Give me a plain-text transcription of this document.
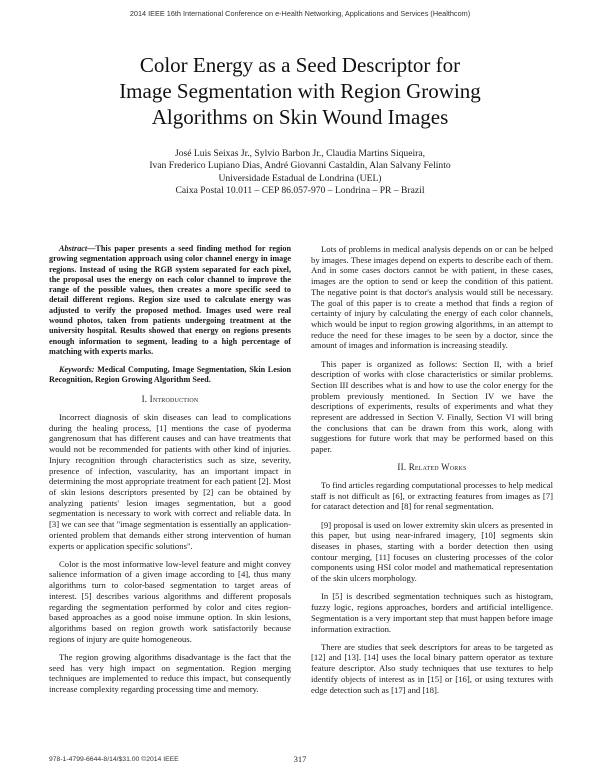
2014 IEEE 16th International Conference on e-Health Networking, Applications and Services (Healthcom)
Color Energy as a Seed Descriptor for
Image Segmentation with Region Growing
Algorithms on Skin Wound Images
José Luis Seixas Jr., Sylvio Barbon Jr., Claudia Martins Siqueira,
Ivan Frederico Lupiano Dias, André Giovanni Castaldin, Alan Salvany Felinto
Universidade Estadual de Londrina (UEL)
Caixa Postal 10.011 – CEP 86.057-970 – Londrina – PR – Brazil

Abstract—This paper presents a seed finding method for region growing segmentation approach using color channel energy in image regions. Instead of using the RGB system separated for each pixel, the proposal uses the energy on each color channel to improve the range of the possible values, then creates a more specific seed to detail different regions. Region size used to calculate energy was adjusted to verify the proposed method. Images used were real wound photos, taken from patients undergoing treatment at the university hospital. Results showed that energy on regions presents enough information to segment, leading to a high percentage of matching with experts marks.

Keywords: Medical Computing, Image Segmentation, Skin Lesion Recognition, Region Growing Algorithm Seed.

I. Introduction

Incorrect diagnosis of skin diseases can lead to complications during the healing process, [1] mentions the case of pyoderma gangrenosum that has different causes and can have treatments that would not be recommended for patients with other kind of injuries. Injury recognition through characteristics such as size, severity, presence of infection, vascularity, has an important impact in determining the most appropriate treatment for each patient [2]. Most of skin lesions descriptors presented by [2] can be obtained by analyzing patients' lesion images segmentation, but a good segmentation is necessary to work with correct and reliable data. In [3] we can see that "image segmentation is essentially an application-oriented problem that demands either strong intervention of human experts or application specific solutions".

Color is the most informative low-level feature and might convey salience information of a given image according to [4], thus many algorithms turn to color-based segmentation to target areas of interest. [5] describes various algorithms and different proposals regarding the segmentation performed by color and cites region-based approaches as a good noise immune option. In skin lesions, algorithms based on region growth work satisfactorily because regions of injury are quite homogeneous.

The region growing algorithms disadvantage is the fact that the seed has very high impact on segmentation. Region merging techniques are implemented to reduce this impact, but consequently increase complexity regarding processing time and memory.

Lots of problems in medical analysis depends on or can be helped by images. These images depend on experts to describe each of them. And in some cases doctors cannot be with patient, in these cases, images are the option to send or keep the condition of this patient. The negative point is that doctor's analysis would still be necessary. The goal of this paper is to create a method that finds a region of certainty of injury by calculating the energy of each color channels, which would be input to region growing algorithms, in an attempt to reduce the need for these images to be seen by a doctor, since the amount of images and information is increasing steadily.

This paper is organized as follows: Section II, with a brief description of works with close characteristics or similar problems. Section III describes what is and how to use the color energy for the problem previously mentioned. In Section IV we have the descriptions of experiments, results of experiments and what they represent are addressed in Section V. Finally, Section VI will bring the conclusions that can be drawn from this work, along with suggestions for future work that may be performed based on this paper.

II. Related Works

To find articles regarding computational processes to help medical staff is not difficult as [6], or extracting features from images as [7] for cataract detection and [8] for renal segmentation.

[9] proposal is used on lower extremity skin ulcers as presented in this paper, but using near-infrared imagery, [10] segments skin diseases in phases, starting with a border detection then using contour merging, [11] focuses on clustering processes of the color components using HSI color model and mathematical representation of the skin ulcers morphology.

In [5] is described segmentation techniques such as histogram, fuzzy logic, regions approaches, borders and artificial intelligence. Segmentation is a very important step that must happen before image information extraction.

There are studies that seek descriptors for areas to be targeted as [12] and [13]. [14] uses the local binary pattern operator as texture feature descriptor. Also study techniques that use textures to help identify objects of interest as in [15] or [16], or using textures with edge detection such as [17] and [18].

978-1-4799-6644-8/14/$31.00 ©2014 IEEE	317
